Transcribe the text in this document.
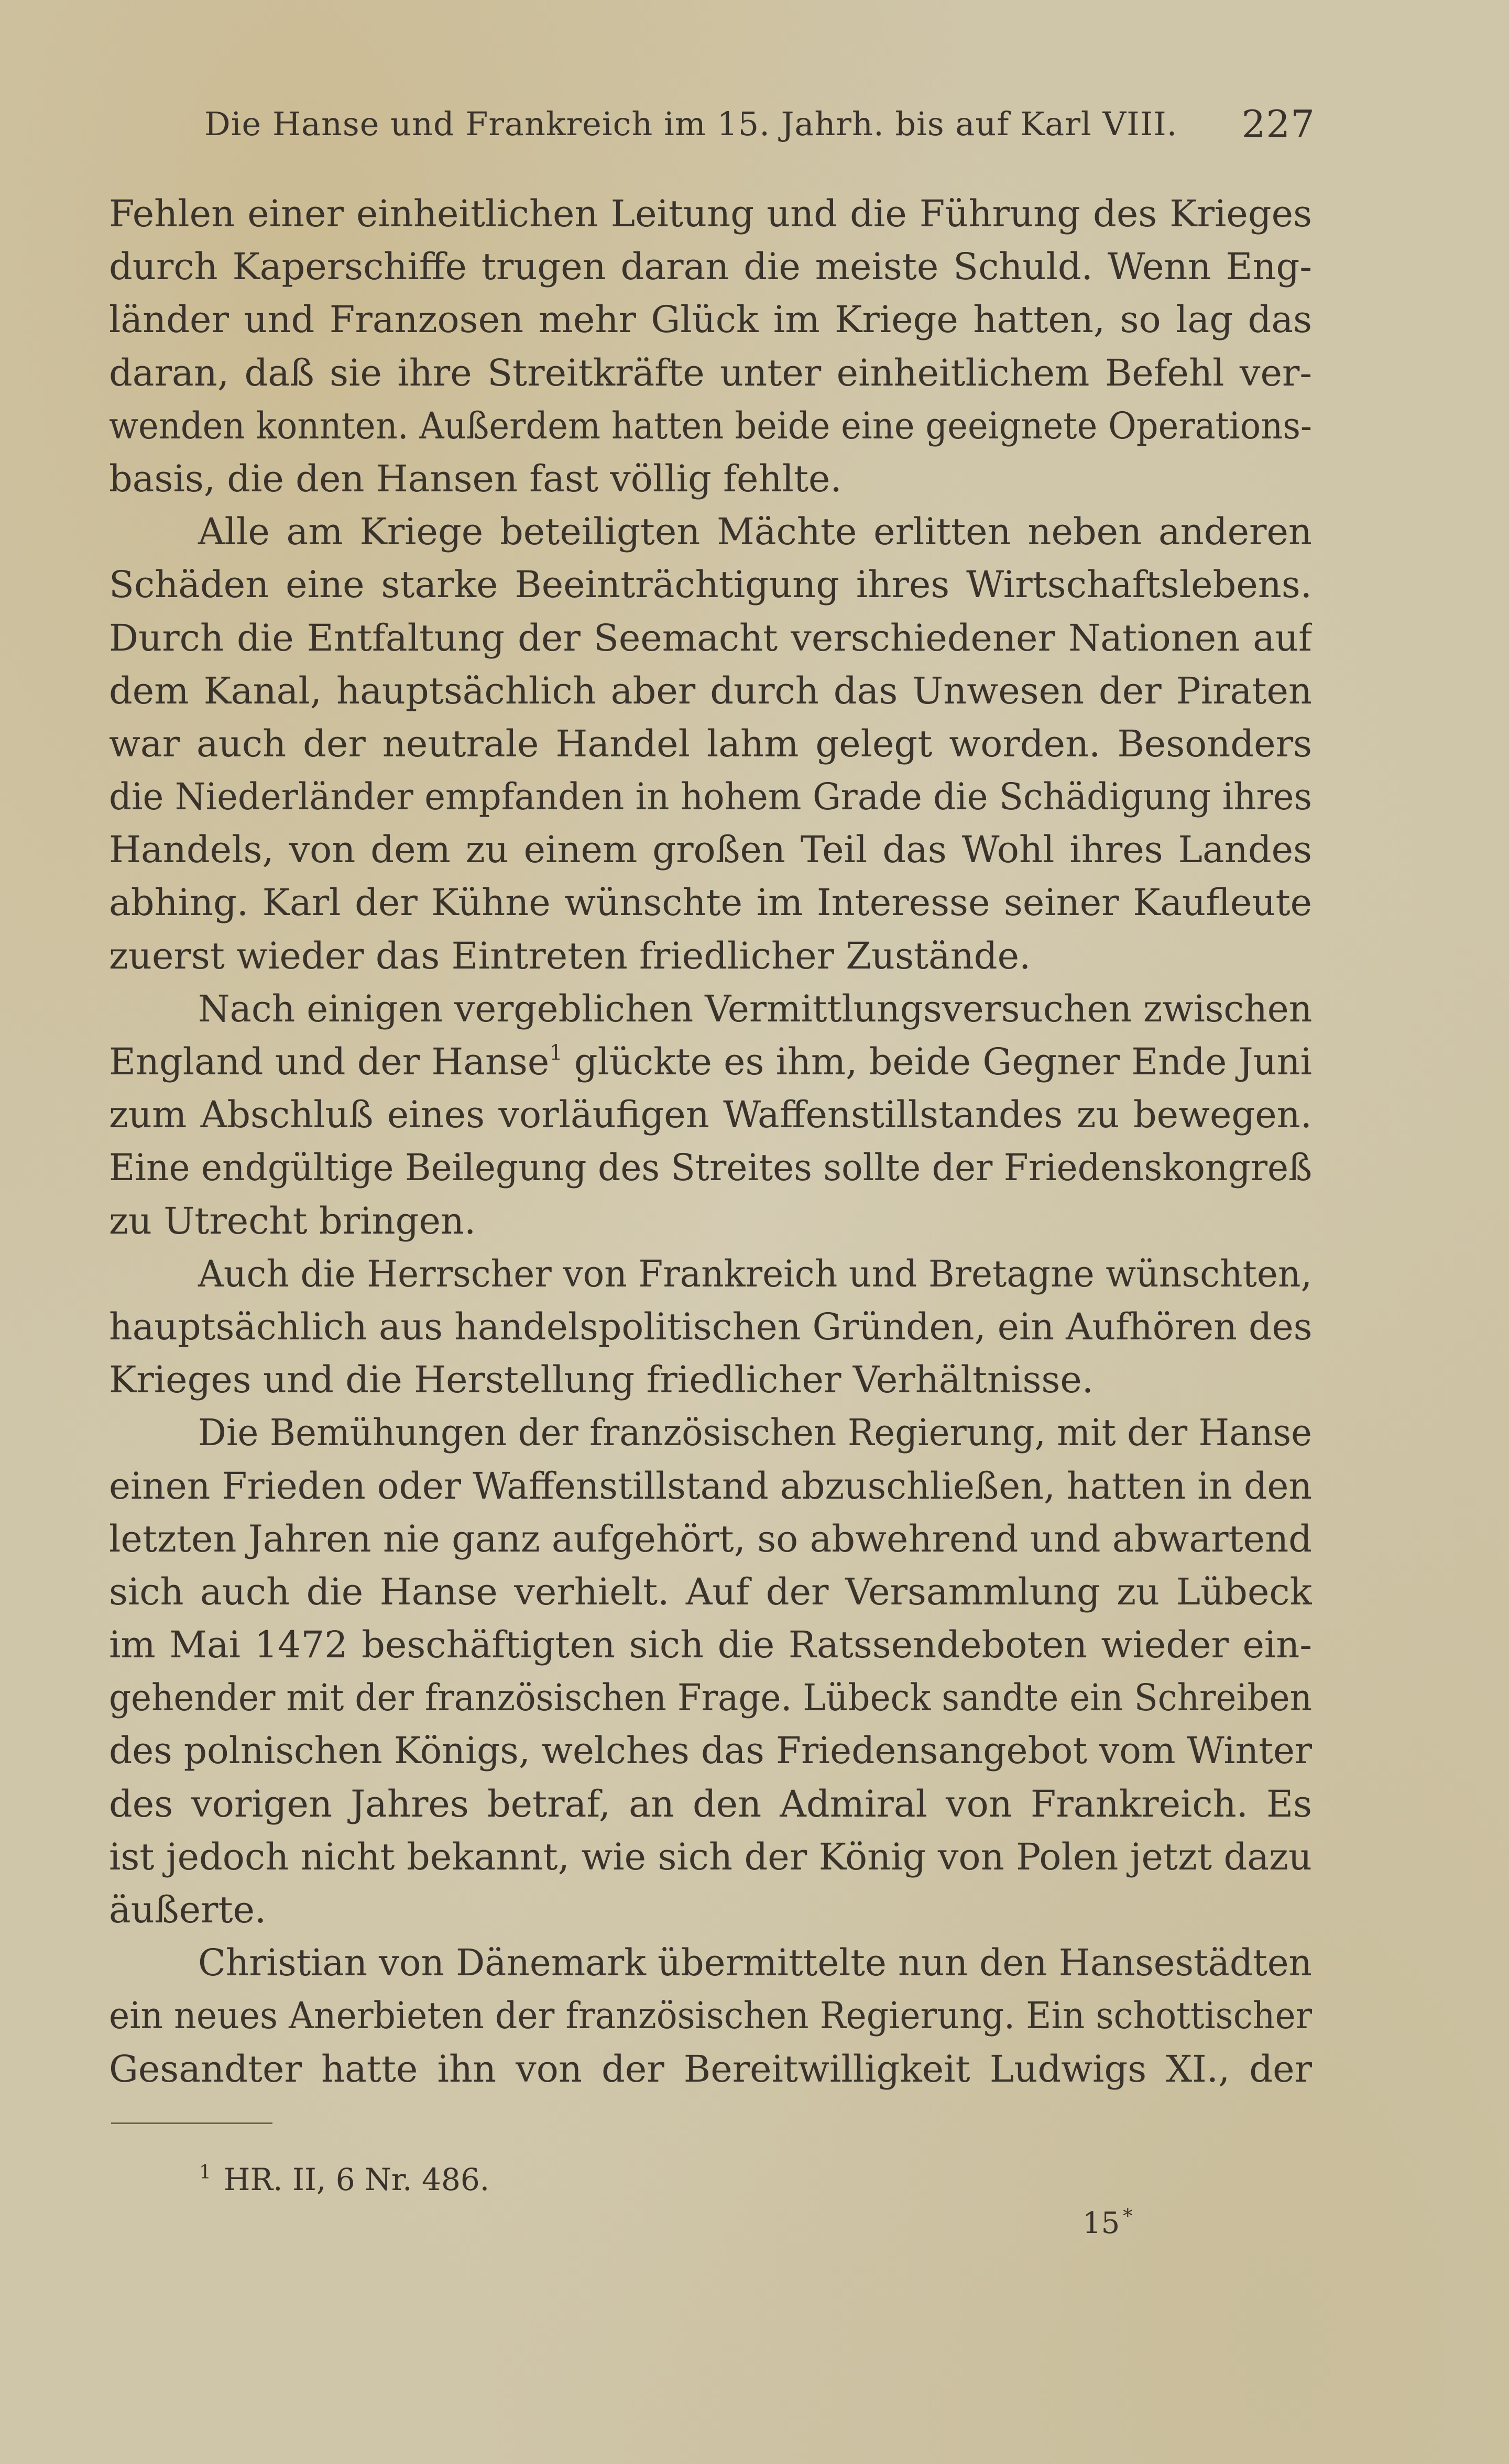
Die Hanse und Frankreich im 15. Jahrh. bis auf Karl VIII. 227
Fehlen einer einheitlichen Leitung und die Führung des Krieges
durch Kaperschiffe trugen daran die meiste Schuld. Wenn Eng-
länder und Franzosen mehr Glück im Kriege hatten, so lag das
daran, daß sie ihre Streitkräfte unter einheitlichem Befehl ver-
wenden konnten. Außerdem hatten beide eine geeignete Operations-
basis, die den Hansen fast völlig fehlte.
Alle am Kriege beteiligten Mächte erlitten neben anderen
Schäden eine starke Beeinträchtigung ihres Wirtschaftslebens.
Durch die Entfaltung der Seemacht verschiedener Nationen auf
dem Kanal, hauptsächlich aber durch das Unwesen der Piraten
war auch der neutrale Handel lahm gelegt worden. Besonders
die Niederländer empfanden in hohem Grade die Schädigung ihres
Handels, von dem zu einem großen Teil das Wohl ihres Landes
abhing. Karl der Kühne wünschte im Interesse seiner Kaufleute
zuerst wieder das Eintreten friedlicher Zustände.
Nach einigen vergeblichen Vermittlungsversuchen zwischen
England und der Hanse$^1$ glückte es ihm, beide Gegner Ende Juni
zum Abschluß eines vorläufigen Waffenstillstandes zu bewegen.
Eine endgültige Beilegung des Streites sollte der Friedenskongreß
zu Utrecht bringen.
Auch die Herrscher von Frankreich und Bretagne wünschten,
hauptsächlich aus handelspolitischen Gründen, ein Aufhören des
Krieges und die Herstellung friedlicher Verhältnisse.
Die Bemühungen der französischen Regierung, mit der Hanse
einen Frieden oder Waffenstillstand abzuschließen, hatten in den
letzten Jahren nie ganz aufgehört, so abwehrend und abwartend
sich auch die Hanse verhielt. Auf der Versammlung zu Lübeck
im Mai 1472 beschäftigten sich die Ratssendeboten wieder ein-
gehender mit der französischen Frage. Lübeck sandte ein Schreiben
des polnischen Königs, welches das Friedensangebot vom Winter
des vorigen Jahres betraf, an den Admiral von Frankreich. Es
ist jedoch nicht bekannt, wie sich der König von Polen jetzt dazu
äußerte.
Christian von Dänemark übermittelte nun den Hansestädten
ein neues Anerbieten der französischen Regierung. Ein schottischer
Gesandter hatte ihn von der Bereitwilligkeit Ludwigs XI., der
$^1$ HR. II, 6 Nr. 486.
15 *
